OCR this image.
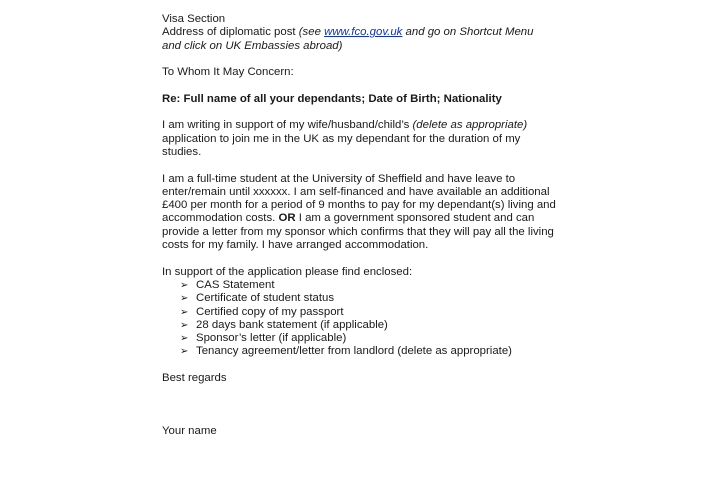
Visa Section
Address of diplomatic post (see www.fco.gov.uk and go on Shortcut Menu
and click on UK Embassies abroad)
To Whom It May Concern:
Re: Full name of all your dependants; Date of Birth; Nationality
I am writing in support of my wife/husband/child’s (delete as appropriate)
application to join me in the UK as my dependant for the duration of my
studies.
I am a full-time student at the University of Sheffield and have leave to
enter/remain until xxxxxx. I am self-financed and have available an additional
£400 per month for a period of 9 months to pay for my dependant(s) living and
accommodation costs. OR I am a government sponsored student and can
provide a letter from my sponsor which confirms that they will pay all the living
costs for my family. I have arranged accommodation.
In support of the application please find enclosed:
➢ CAS Statement
➢ Certificate of student status
➢ Certified copy of my passport
➢ 28 days bank statement (if applicable)
➢ Sponsor’s letter (if applicable)
➢ Tenancy agreement/letter from landlord (delete as appropriate)
Best regards
Your name
